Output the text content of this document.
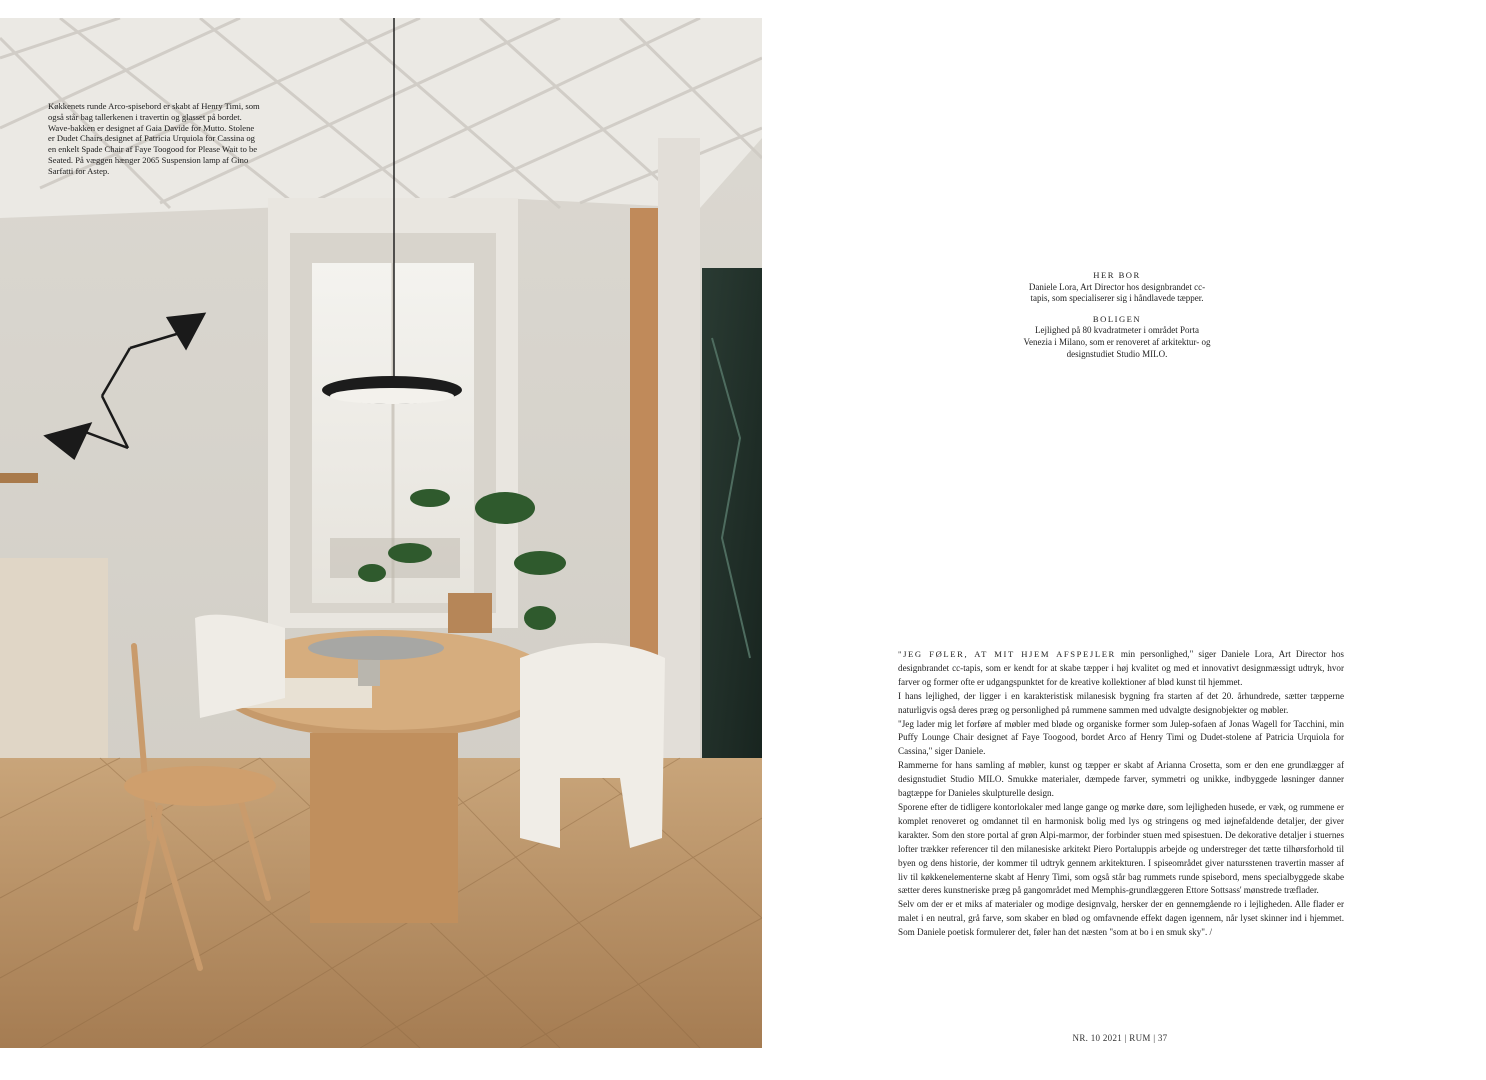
Køkkenets runde Arco-spisebord er skabt af Henry Timi, som også står bag tallerkenen i travertin og glasset på bordet. Wave-bakken er designet af Gaia Davide for Mutto. Stolene er Dudet Chairs designet af Patricia Urquiola for Cassina og en enkelt Spade Chair af Faye Toogood for Please Wait to be Seated. På væggen hænger 2065 Suspension lamp af Gino Sarfatti for Astep.
HER BOR
Daniele Lora, Art Director hos designbrandet cc-tapis, som specialiserer sig i håndlavede tæpper.
BOLIGEN
Lejlighed på 80 kvadratmeter i området Porta Venezia i Milano, som er renoveret af arkitektur- og designstudiet Studio MILO.

"JEG FØLER, AT MIT HJEM AFSPEJLER min personlighed," siger Daniele Lora, Art Director hos designbrandet cc-tapis, som er kendt for at skabe tæpper i høj kvalitet og med et innovativt designmæssigt udtryk, hvor farver og former ofte er udgangspunktet for de kreative kollektioner af blød kunst til hjemmet.

I hans lejlighed, der ligger i en karakteristisk milanesisk bygning fra starten af det 20. århundrede, sætter tæpperne naturligvis også deres præg og personlighed på rummene sammen med udvalgte designobjekter og møbler.

"Jeg lader mig let forføre af møbler med bløde og organiske former som Julep-sofaen af Jonas Wagell for Tacchini, min Puffy Lounge Chair designet af Faye Toogood, bordet Arco af Henry Timi og Dudet-stolene af Patricia Urquiola for Cassina," siger Daniele.

Rammerne for hans samling af møbler, kunst og tæpper er skabt af Arianna Crosetta, som er den ene grundlægger af designstudiet Studio MILO. Smukke materialer, dæmpede farver, symmetri og unikke, indbyggede løsninger danner bagtæppe for Danieles skulpturelle design.

Sporene efter de tidligere kontorlokaler med lange gange og mørke døre, som lejligheden husede, er væk, og rummene er komplet renoveret og omdannet til en harmonisk bolig med lys og stringens og med iøjnefaldende detaljer, der giver karakter. Som den store portal af grøn Alpi-marmor, der forbinder stuen med spisestuen. De dekorative detaljer i stuernes lofter trækker referencer til den milanesiske arkitekt Piero Portaluppis arbejde og understreger det tætte tilhørsforhold til byen og dens historie, der kommer til udtryk gennem arkitekturen. I spiseområdet giver natursstenen travertin masser af liv til køkkenelementerne skabt af Henry Timi, som også står bag rummets runde spisebord, mens specialbyggede skabe sætter deres kunstneriske præg på gangområdet med Memphis-grundlæggeren Ettore Sottsass' mønstrede træflader.

Selv om der er et miks af materialer og modige designvalg, hersker der en gennemgående ro i lejligheden. Alle flader er malet i en neutral, grå farve, som skaber en blød og omfavnende effekt dagen igennem, når lyset skinner ind i hjemmet. Som Daniele poetisk formulerer det, føler han det næsten "som at bo i en smuk sky". /

NR. 10 2021 | RUM | 37
